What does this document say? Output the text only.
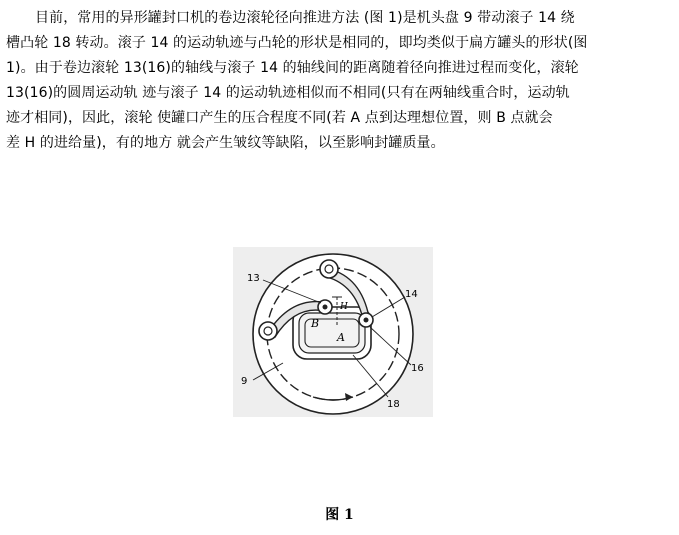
目前，常用的异形罐封口机的卷边滚轮径向推进方法 (图 1)是机头盘 9 带动滚子 14 绕
槽凸轮 18 转动。滚子 14 的运动轨迹与凸轮的形状是相同的，即均类似于扁方罐头的形状(图
1)。由于卷边滚轮 13(16)的轴线与滚子 14 的轴线间的距离随着径向推进过程而变化，滚轮
13(16)的圆周运动轨 迹与滚子 14 的运动轨迹相似而不相同(只有在两轴线重合时，运动轨
迹才相同)，因此，滚轮 使罐口产生的压合程度不同(若 A 点到达理想位置，则 B 点就会
差 H 的进给量)，有的地方 就会产生皱纹等缺陷，以至影响封罐质量。
13
14
16
18
9
A
B
H
图 1
